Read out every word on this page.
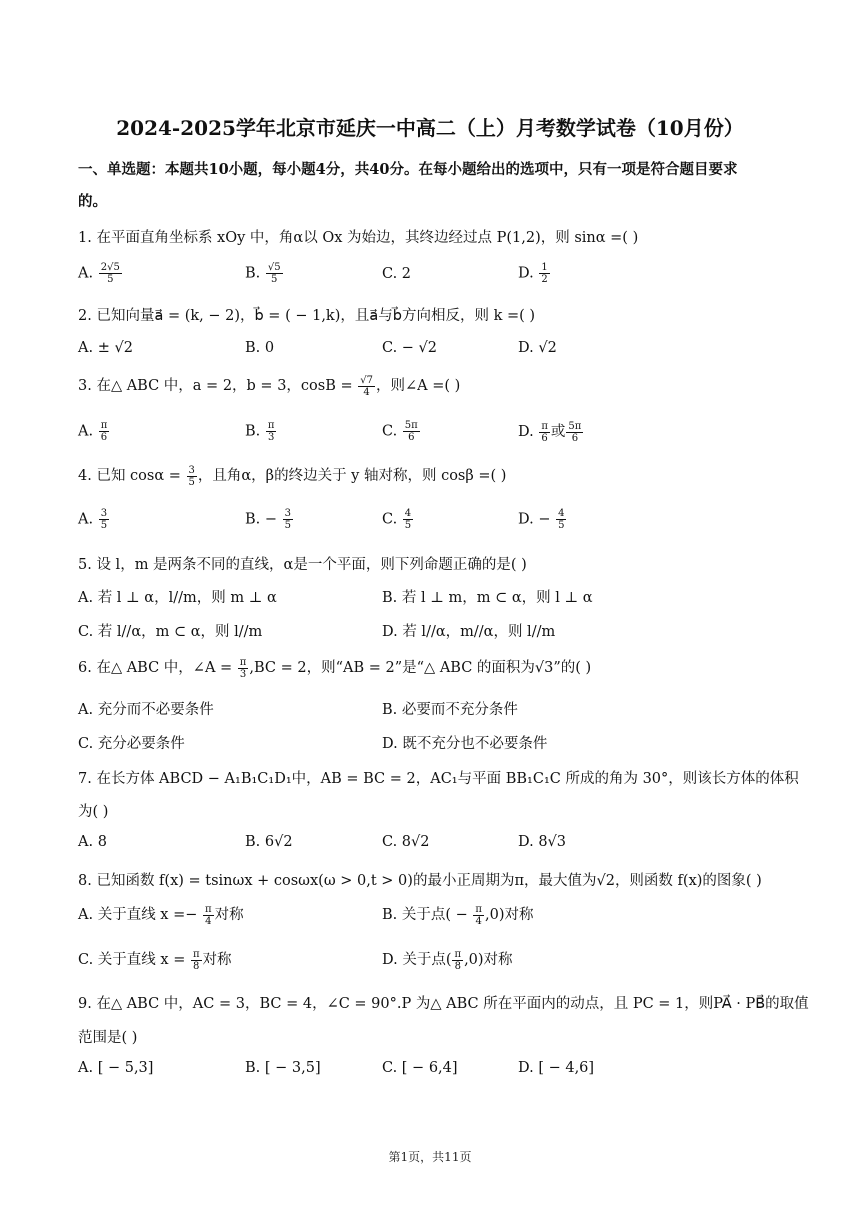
2024-2025学年北京市延庆一中高二（上）月考数学试卷（10月份）
一、单选题：本题共10小题，每小题4分，共40分。在每小题给出的选项中，只有一项是符合题目要求
的。
1. 在平面直角坐标系 xOy 中，角α以 Ox 为始边，其终边经过点 P(1,2)，则 sinα =( )
A. $\frac{2√5}{5}$	B. $\frac{√5}{5}$	C. 2	D. $\frac{1}{2}$
2. 已知向量a⃗ = (k, − 2)，b⃗ = ( − 1,k)，且a⃗与b⃗方向相反，则 k =( )
A. ± √2	B. 0	C. − √2	D. √2
3. 在△ ABC 中，a = 2，b = 3，$\cos B = \frac{√7}{4}$ ，则∠A =( )
A. $\frac{\pi}{6}$	B. $\frac{\pi}{3}$	C. $\frac{5\pi}{6}$	D. $\frac{\pi}{6}$ 或 $\frac{5\pi}{6}$
4. 已知 $\cos\alpha = \frac{3}{5}$ ，且角α，β的终边关于 y 轴对称，则 cosβ =( )
A. $\frac{3}{5}$	B. − $\frac{3}{5}$	C. $\frac{4}{5}$	D. − $\frac{4}{5}$
5. 设 l，m 是两条不同的直线，α是一个平面，则下列命题正确的是( )
A. 若 l ⊥ α，l//m，则 m ⊥ α	B. 若 l ⊥ m，m ⊂ α，则 l ⊥ α
C. 若 l//α，m ⊂ α，则 l//m	D. 若 l//α，m//α，则 l//m
6. 在△ ABC 中，∠A = $\frac{\pi}{3} ,BC = 2$，则“AB = 2”是“△ ABC 的面积为√3”的( )
A. 充分而不必要条件	B. 必要而不充分条件
C. 充分必要条件	D. 既不充分也不必要条件
7. 在长方体 ABCD − A₁B₁C₁D₁中，AB = BC = 2，AC₁与平面 BB₁C₁C 所成的角为 30°，则该长方体的体积
为( )
A. 8	B. 6√2	C. 8√2	D. 8√3
8. 已知函数 f(x) = tsinωx + cosωx(ω > 0,t > 0)的最小正周期为π，最大值为√2，则函数 f(x)的图象( )
A. 关于直线 $x =- \frac{\pi}{4}$ 对称	B. 关于点( − $\frac{\pi}{4} ,0$)对称
C. 关于直线 $x = \frac{\pi}{8}$ 对称	D. 关于点( $\frac{\pi}{8} ,0$)对称
9. 在△ ABC 中，AC = 3，BC = 4，∠C = 90°.P 为△ ABC 所在平面内的动点，且 PC = 1，则PA⃗ · PB⃗的取值
范围是( )
A. [ − 5,3]	B. [ − 3,5]	C. [ − 6,4]	D. [ − 4,6]
第1页，共11页
